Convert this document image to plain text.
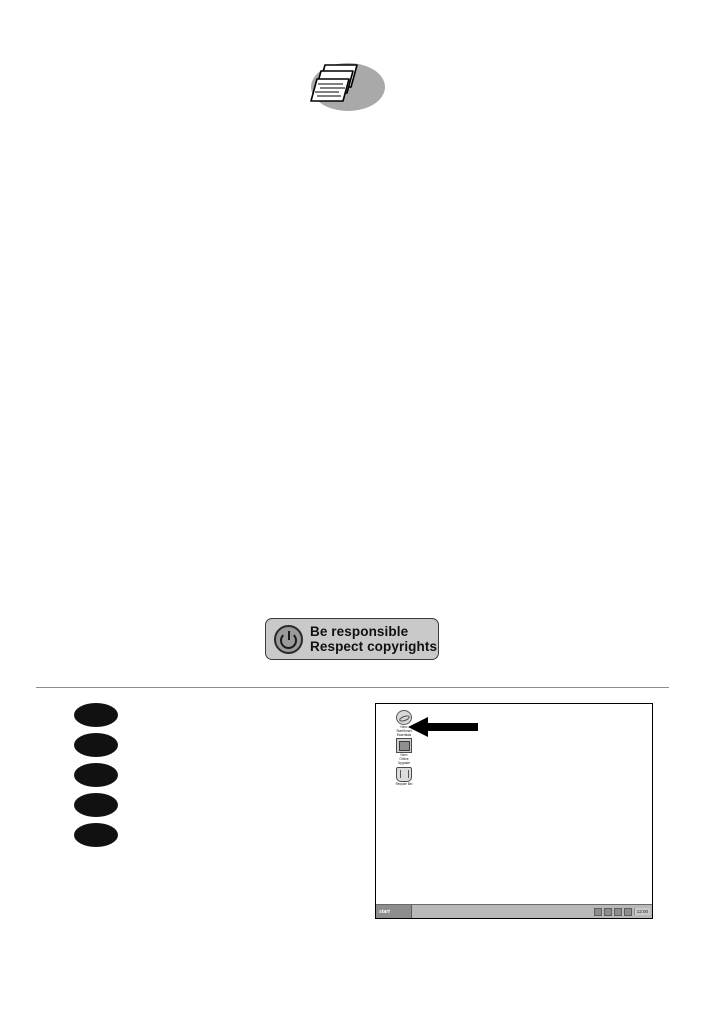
Be responsible
Respect copyrights
Nero
StartSmart
Essentials
Nero
Online
Upgrade
Recycle Bin
start	12:00
